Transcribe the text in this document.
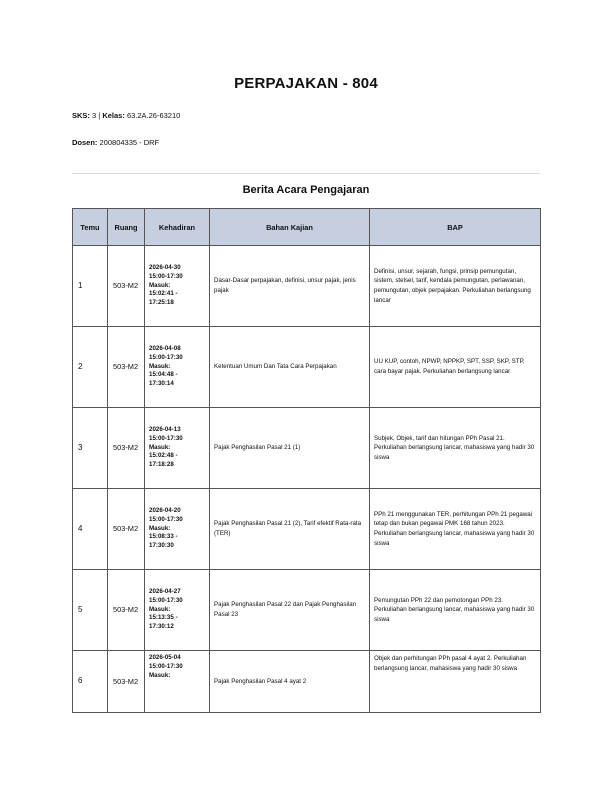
PERPAJAKAN - 804
SKS: 3 | Kelas: 63.2A.26-63210
Dosen: 200804335 - DRF
Berita Acara Pengajaran
Temu	Ruang	Kehadiran	Bahan Kajian	BAP
1	503-M2	2026-04-30
15:00-17:30
Masuk:
15:02:41 -
17:25:18	Dasar-Dasar perpajakan, definisi, unsur pajak, jenis pajak	Definisi, unsur, sejarah, fungsi, prinsip pemungutan, sistem, stelsel, tarif, kendala pemungutan, perlawanan, pemungutan, objek perpajakan. Perkuliahan berlangsung lancar
2	503-M2	2026-04-08
15:00-17:30
Masuk:
15:04:48 -
17:30:14	Ketentuan Umum Dan Tata Cara Perpajakan	UU KUP, contoh, NPWP, NPPKP, SPT, SSP, SKP, STP, cara bayar pajak. Perkuliahan berlangsung lancar
3	503-M2	2026-04-13
15:00-17:30
Masuk:
15:02:48 -
17:18:28	Pajak Penghasilan Pasal 21 (1)	Subjek, Objek, tarif dan hitungan PPh Pasal 21. Perkuliahan berlangsung lancar, mahasiswa yang hadir 30 siswa
4	503-M2	2026-04-20
15:00-17:30
Masuk:
15:08:33 -
17:30:30	Pajak Penghasilan Pasal 21 (2), Tarif efektif Rata-rata (TER)	PPh 21 menggunakan TER, perhitungan PPh 21 pegawai tetap dan bukan pegawai PMK 168 tahun 2023. Perkuliahan berlangsung lancar, mahasiswa yang hadir 30 siswa
5	503-M2	2026-04-27
15:00-17:30
Masuk:
15:13:35 -
17:30:12	Pajak Penghasilan Pasal 22 dan Pajak Penghasilan Pasal 23	Pemungutan PPh 22 dan pemotongan PPh 23. Perkuliahan berlangsung lancar, mahasiswa yang hadir 30 siswa
6	503-M2	2026-05-04
15:00-17:30
Masuk:	Pajak Penghasilan Pasal 4 ayat 2	Objek dan perhitungan PPh pasal 4 ayat 2. Perkuliahan berlangsung lancar, mahasiswa yang hadir 30 siswa
